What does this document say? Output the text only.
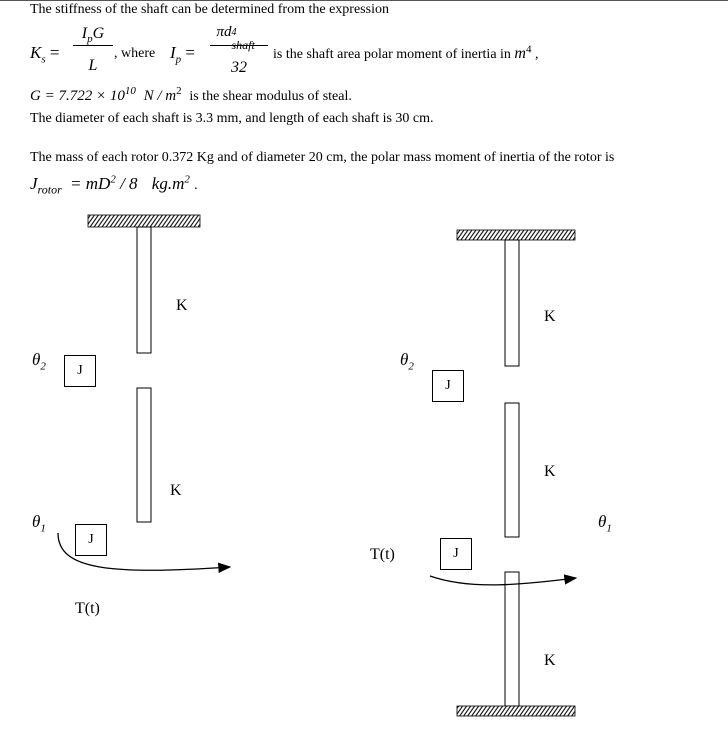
The stiffness of the shaft can be determined from the expression
$K_s$ =
$I_pG$
L
, where $I_p$ =
πd 4
shaft
32
is the shaft area polar moment of inertia in $m^4$ ,
$G = 7.722 \times 10^{10}$ N / $m^2$ is the shear modulus of steal.
The diameter of each shaft is 3.3 mm, and length of each shaft is 30 cm.
The mass of each rotor 0.372 Kg and of diameter 20 cm, the polar mass moment of inertia of the rotor is
$J_{rotor} = mD^2 / 8$ $kg.m^2$ .
K
K
$\theta_2$
$\theta_1$
J
J
T(t)
K
K
K
$\theta_2$
$\theta_1$
J
J
T(t)
